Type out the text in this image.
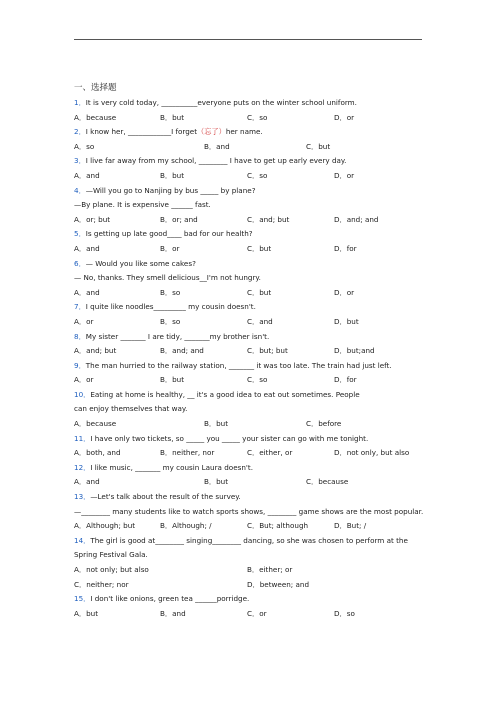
一、选择题
1．It is very cold today, __________everyone puts on the winter school uniform.
A．because	B．but	C．so	D．or
2．I know her, ____________I forget（忘了）her name.
A．so	B．and	C．but
3．I live far away from my school, ________ I have to get up early every day.
A．and	B．but	C．so	D．or
4．—Will you go to Nanjing by bus _____ by plane?
—By plane. It is expensive ______ fast.
A．or; but	B．or; and	C．and; but	D．and; and
5．Is getting up late good____ bad for our health?
A．and	B．or	C．but	D．for
6．— Would you like some cakes?
— No, thanks. They smell delicious__I'm not hungry.
A．and	B．so	C．but	D．or
7．I quite like noodles_________ my cousin doesn't.
A．or	B．so	C．and	D．but
8．My sister _______ I are tidy, _______my brother isn't.
A．and; but	B．and; and	C．but; but	D．but;and
9．The man hurried to the railway station, _______ it was too late. The train had just left.
A．or	B．but	C．so	D．for
10．Eating at home is healthy, __ it's a good idea to eat out sometimes. People
can enjoy themselves that way.
A．because	B．but	C．before
11．I have only two tickets, so _____ you _____ your sister can go with me tonight.
A．both, and	B．neither, nor	C．either, or	D．not only, but also
12．I like music, _______ my cousin Laura doesn't.
A．and	B．but	C．because
13．—Let's talk about the result of the survey.
—________ many students like to watch sports shows, ________ game shows are the most popular.
A．Although; but	B．Although; /	C．But; although	D．But; /
14．The girl is good at________ singing________ dancing, so she was chosen to perform at the Spring Festival Gala.
A．not only; but also	B．either; or
C．neither; nor	D．between; and
15．I don't like onions, green tea ______porridge.
A．but	B．and	C．or	D．so
